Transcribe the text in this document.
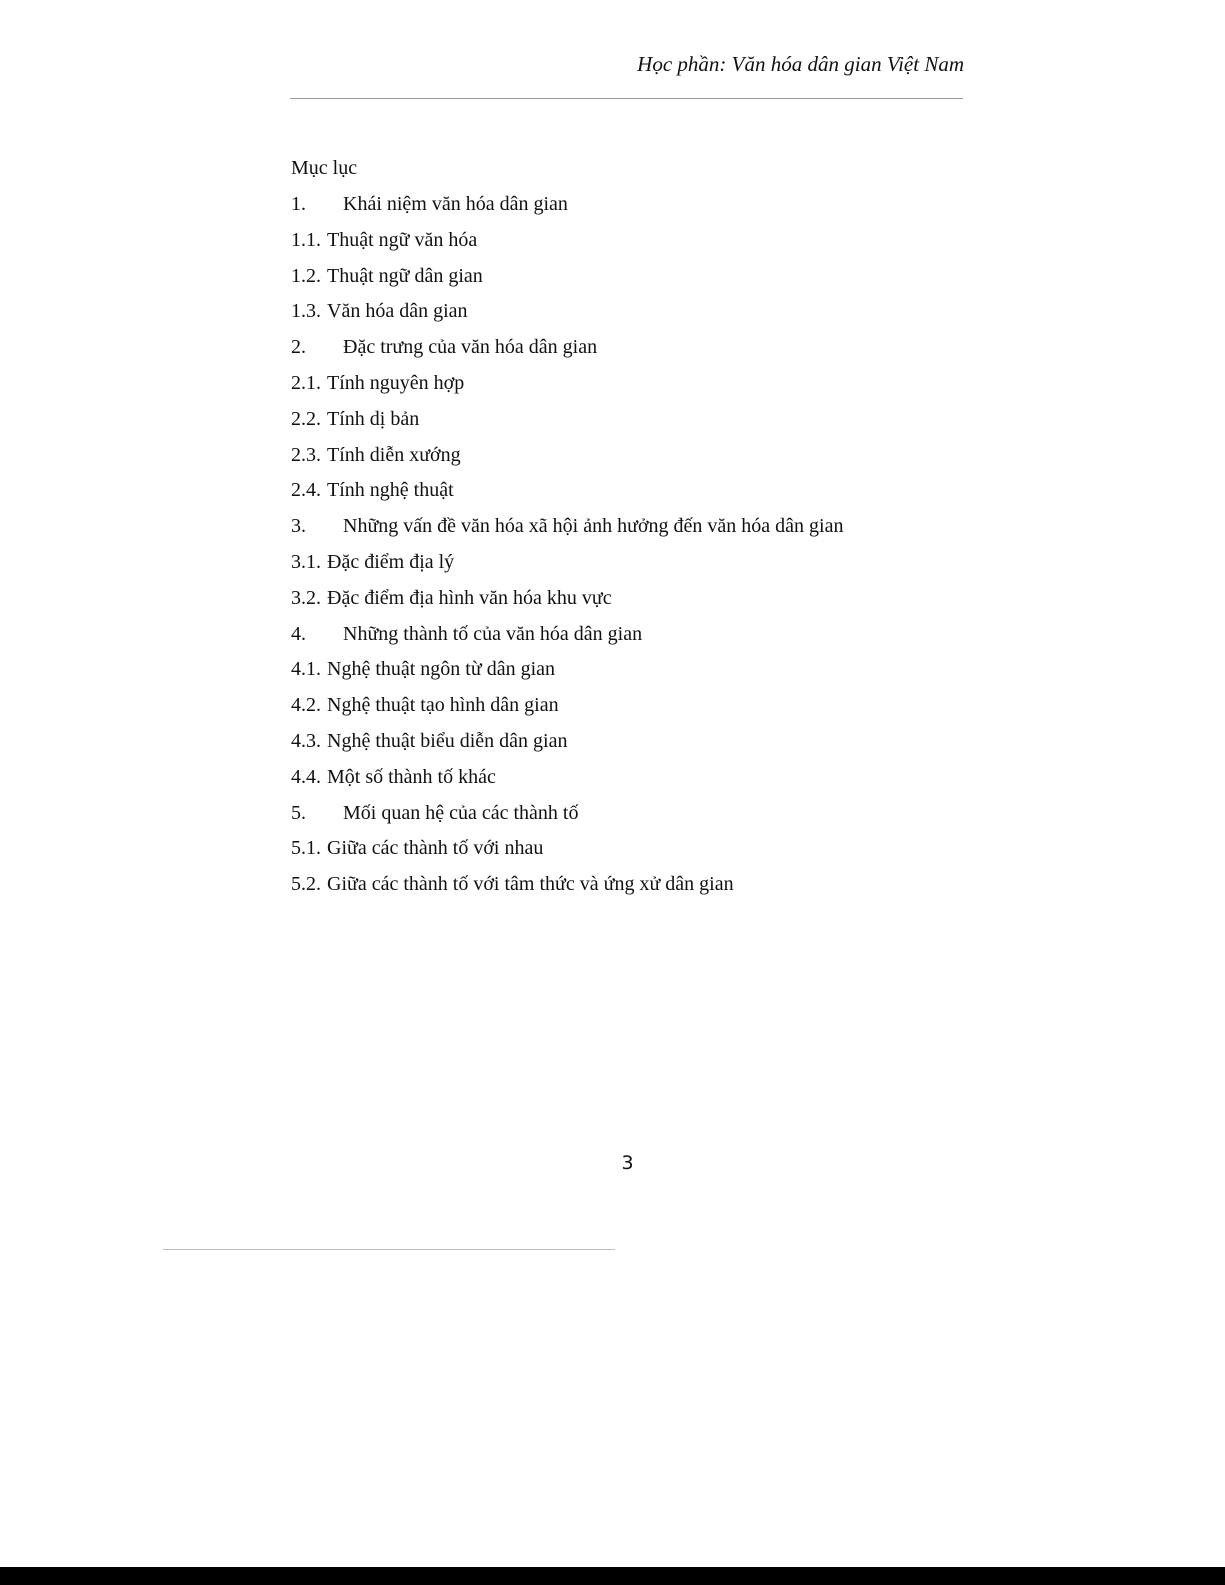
Học phần: Văn hóa dân gian Việt Nam
Mục lục
1. Khái niệm văn hóa dân gian
1.1. Thuật ngữ văn hóa
1.2. Thuật ngữ dân gian
1.3. Văn hóa dân gian
2. Đặc trưng của văn hóa dân gian
2.1. Tính nguyên hợp
2.2. Tính dị bản
2.3. Tính diễn xướng
2.4. Tính nghệ thuật
3. Những vấn đề văn hóa xã hội ảnh hưởng đến văn hóa dân gian
3.1. Đặc điểm địa lý
3.2. Đặc điểm địa hình văn hóa khu vực
4. Những thành tố của văn hóa dân gian
4.1. Nghệ thuật ngôn từ dân gian
4.2. Nghệ thuật tạo hình dân gian
4.3. Nghệ thuật biểu diễn dân gian
4.4. Một số thành tố khác
5. Mối quan hệ của các thành tố
5.1. Giữa các thành tố với nhau
5.2. Giữa các thành tố với tâm thức và ứng xử dân gian
3
